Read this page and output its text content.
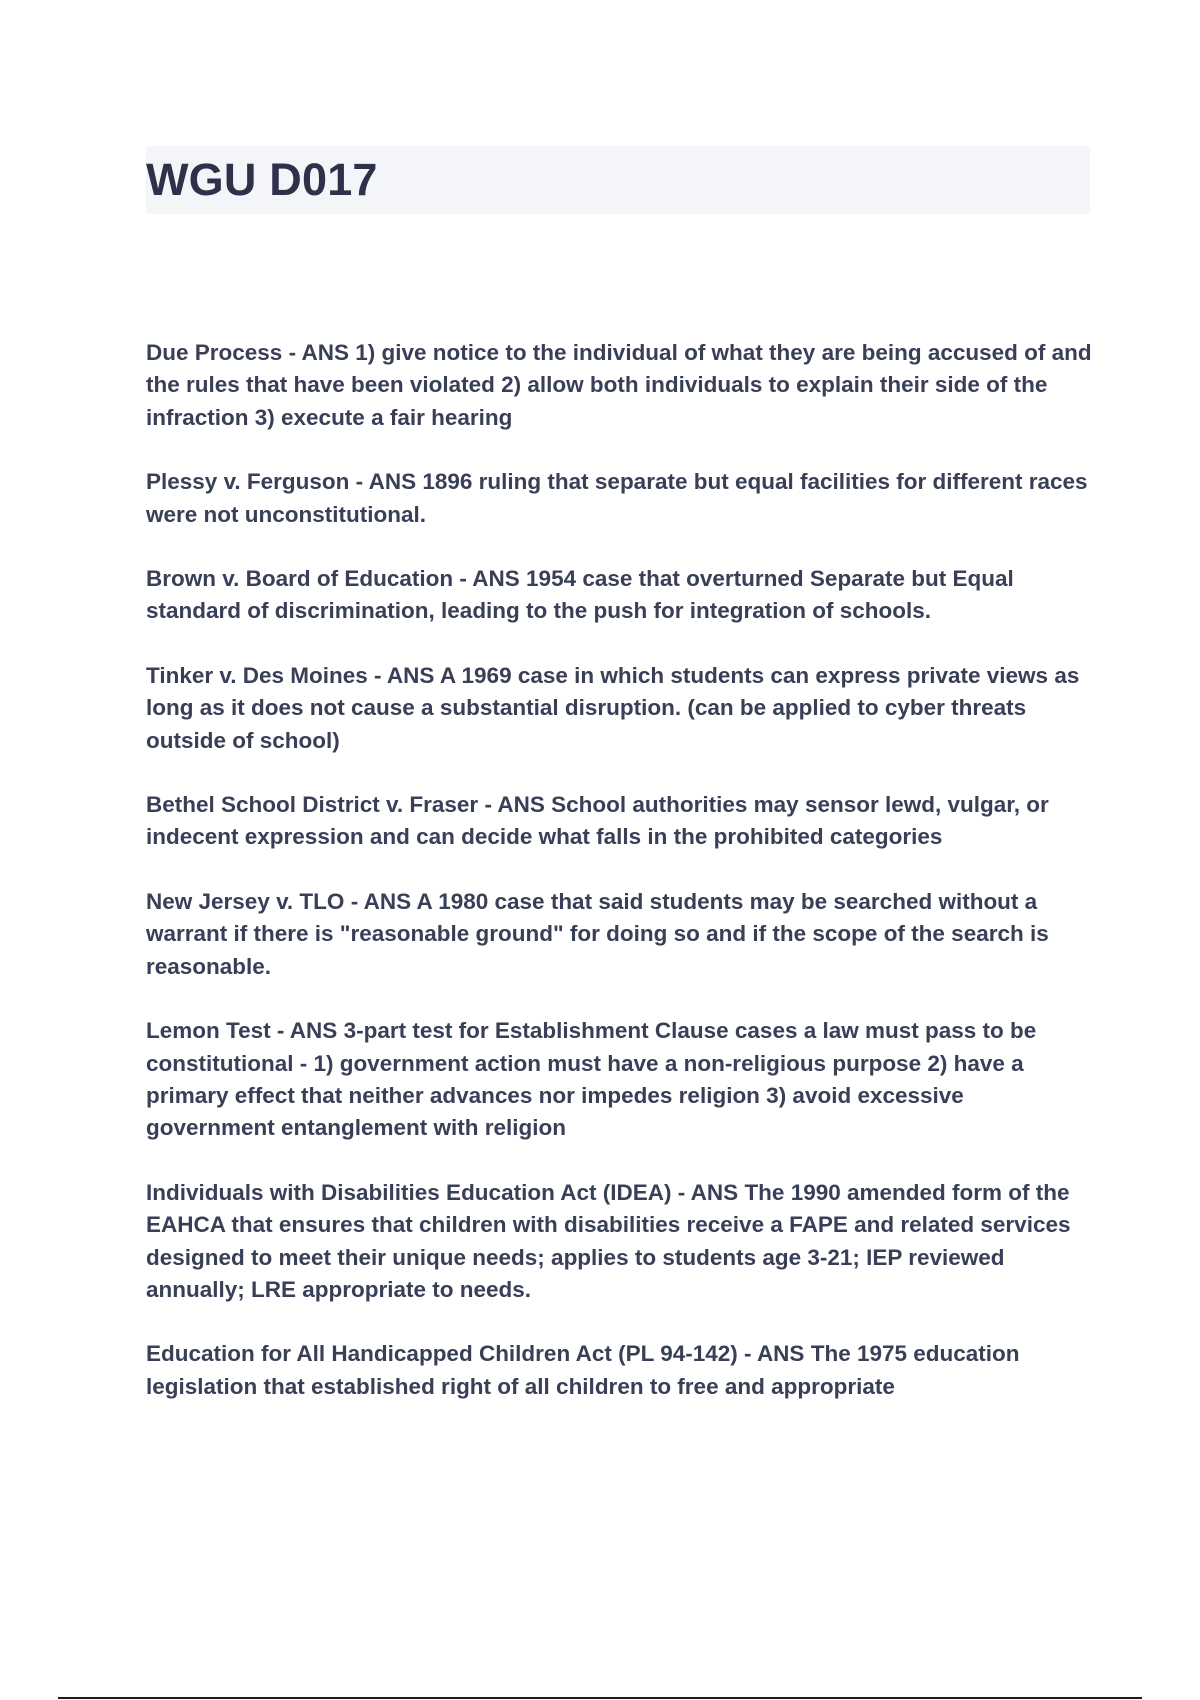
WGU D017

Due Process - ANS 1) give notice to the individual of what they are being accused of and the rules that have been violated 2) allow both individuals to explain their side of the infraction 3) execute a fair hearing

Plessy v. Ferguson - ANS 1896 ruling that separate but equal facilities for different races were not unconstitutional.

Brown v. Board of Education - ANS 1954 case that overturned Separate but Equal standard of discrimination, leading to the push for integration of schools.

Tinker v. Des Moines - ANS A 1969 case in which students can express private views as long as it does not cause a substantial disruption. (can be applied to cyber threats outside of school)

Bethel School District v. Fraser - ANS School authorities may sensor lewd, vulgar, or indecent expression and can decide what falls in the prohibited categories

New Jersey v. TLO - ANS A 1980 case that said students may be searched without a warrant if there is "reasonable ground" for doing so and if the scope of the search is reasonable.

Lemon Test - ANS 3-part test for Establishment Clause cases a law must pass to be constitutional - 1) government action must have a non-religious purpose 2) have a primary effect that neither advances nor impedes religion 3) avoid excessive government entanglement with religion

Individuals with Disabilities Education Act (IDEA) - ANS The 1990 amended form of the EAHCA that ensures that children with disabilities receive a FAPE and related services designed to meet their unique needs; applies to students age 3-21; IEP reviewed annually; LRE appropriate to needs.

Education for All Handicapped Children Act (PL 94-142) - ANS The 1975 education legislation that established right of all children to free and appropriate
